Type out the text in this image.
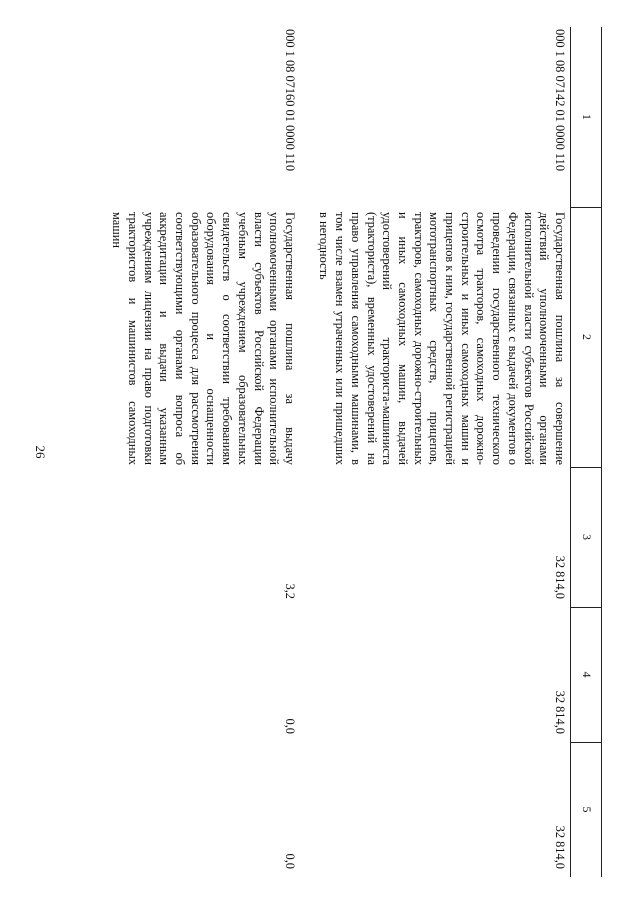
26
1
2
3
4
5
000 1 08 07142 01 0000 110
Государственная пошлина за совершение действий уполномоченными органами исполнительной власти субъектов Российской Федерации, связанных с выдачей документов о проведении государственного технического осмотра тракторов, самоходных дорожно-строительных и иных самоходных машин и прицепов к ним, государственной регистрацией мототранспортных средств, прицепов, тракторов, самоходных дорожно-строительных и иных самоходных машин, выдачей удостоверений тракториста-машиниста (тракториста), временных удостоверений на право управления самоходными машинами, в том числе взамен утраченных или пришедших в негодность
32 814,0
32 814,0
32 814,0
000 1 08 07160 01 0000 110
Государственная пошлина за выдачу уполномоченными органами исполнительной власти субъектов Российской Федерации учебным учреждением образовательных свидетельств о соответствии требованиям оборудования и оснащенности образовательного процесса для рассмотрения соответствующими органами вопроса об аккредитации и выдачи указанным учреждениям лицензии на право подготовки трактористов и машинистов самоходных машин
3,2
0,0
0,0
